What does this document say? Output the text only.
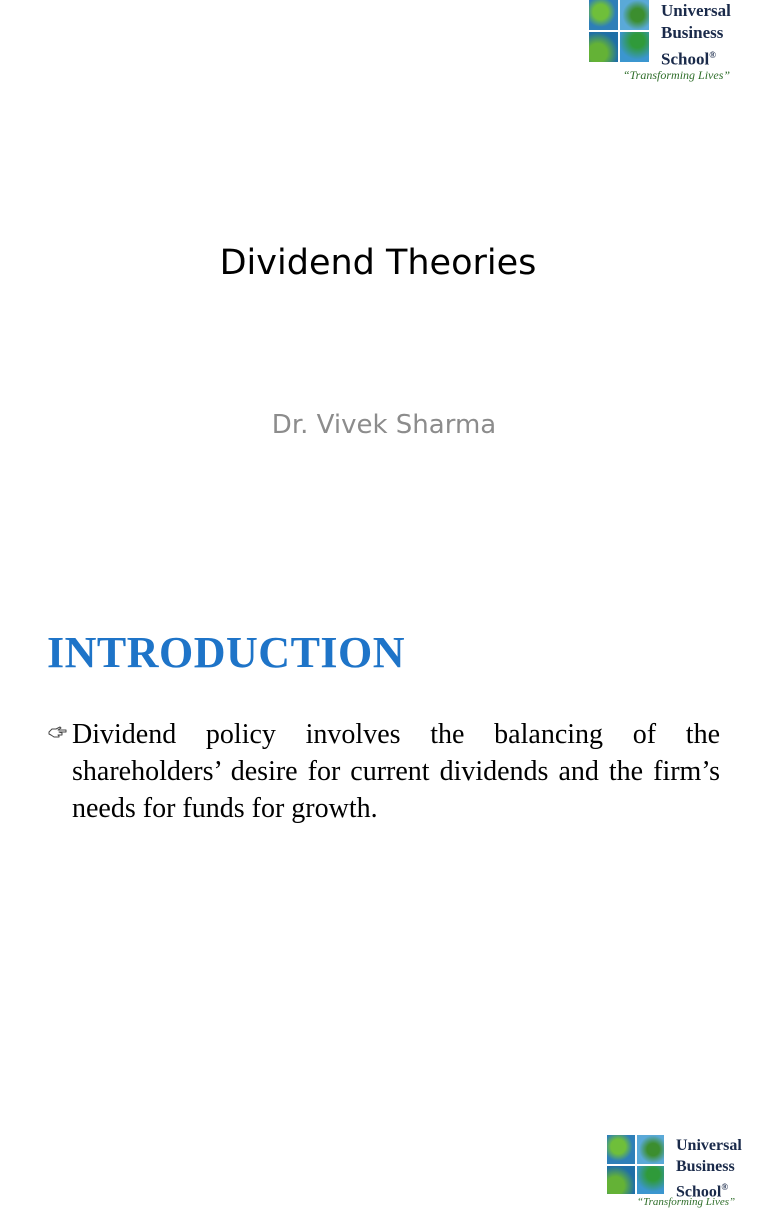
Universal
Business
School®
“Transforming Lives”
Dividend Theories
Dr. Vivek Sharma
Universal
Business
School®
“Transforming Lives”
INTRODUCTION
Dividend policy involves the balancing of the shareholders’ desire for current dividends and the firm’s needs for funds for growth.
